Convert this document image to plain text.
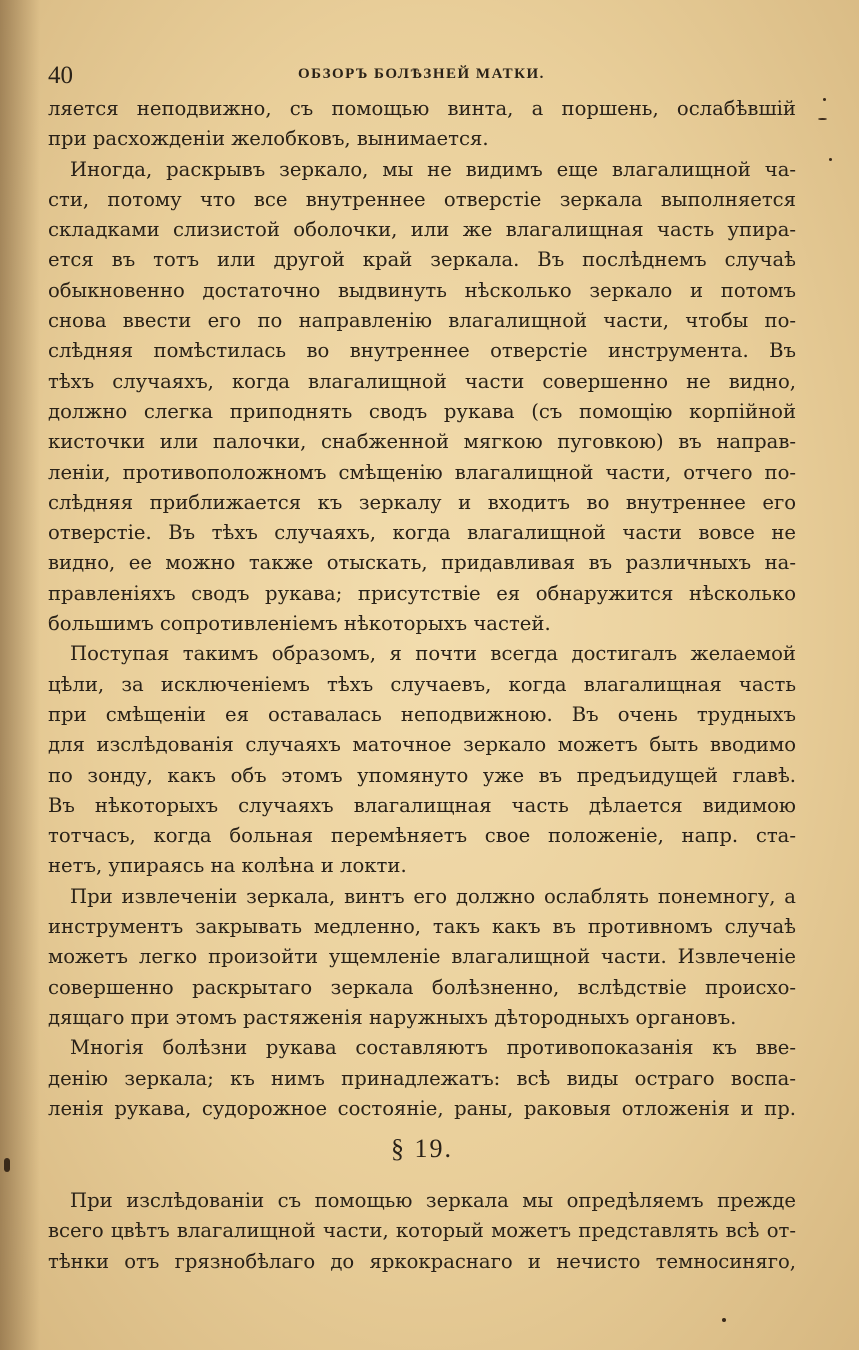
40	ОБЗОРЪ БОЛѢЗНЕЙ МАТКИ.

ляется неподвижно, съ помощью винта, а поршень, ослабѣвшій
при расхожденіи желобковъ, вынимается.

Иногда, раскрывъ зеркало, мы не видимъ еще влагалищной ча-
сти, потому что все внутреннее отверстіе зеркала выполняется
складками слизистой оболочки, или же влагалищная часть упира-
ется въ тотъ или другой край зеркала. Въ послѣднемъ случаѣ
обыкновенно достаточно выдвинуть нѣсколько зеркало и потомъ
снова ввести его по направленію влагалищной части, чтобы по-
слѣдняя помѣстилась во внутреннее отверстіе инструмента. Въ
тѣхъ случаяхъ, когда влагалищной части совершенно не видно,
должно слегка приподнять сводъ рукава (съ помощію корпійной
кисточки или палочки, снабженной мягкою пуговкою) въ направ-
леніи, противоположномъ смѣщенію влагалищной части, отчего по-
слѣдняя приближается къ зеркалу и входитъ во внутреннее его
отверстіе. Въ тѣхъ случаяхъ, когда влагалищной части вовсе не
видно, ее можно также отыскать, придавливая въ различныхъ на-
правленіяхъ сводъ рукава; присутствіе ея обнаружится нѣсколько
большимъ сопротивленіемъ нѣкоторыхъ частей.

Поступая такимъ образомъ, я почти всегда достигалъ желаемой
цѣли, за исключеніемъ тѣхъ случаевъ, когда влагалищная часть
при смѣщеніи ея оставалась неподвижною. Въ очень трудныхъ
для изслѣдованія случаяхъ маточное зеркало можетъ быть вводимо
по зонду, какъ объ этомъ упомянуто уже въ предъидущей главѣ.
Въ нѣкоторыхъ случаяхъ влагалищная часть дѣлается видимою
тотчасъ, когда больная перемѣняетъ свое положеніе, напр. ста-
нетъ, упираясь на колѣна и локти.

При извлеченіи зеркала, винтъ его должно ослаблять понемногу, а
инструментъ закрывать медленно, такъ какъ въ противномъ случаѣ
можетъ легко произойти ущемленіе влагалищной части. Извлеченіе
совершенно раскрытаго зеркала болѣзненно, вслѣдствіе происхо-
дящаго при этомъ растяженія наружныхъ дѣтородныхъ органовъ.

Многія болѣзни рукава составляютъ противопоказанія къ вве-
денію зеркала; къ нимъ принадлежатъ: всѣ виды остраго воспа-
ленія рукава, судорожное состояніе, раны, раковыя отложенія и пр.

§ 19.

При изслѣдованіи съ помощью зеркала мы опредѣляемъ прежде
всего цвѣтъ влагалищной части, который можетъ представлять всѣ от-
тѣнки отъ грязнобѣлаго до яркокраснаго и нечисто темносиняго,
